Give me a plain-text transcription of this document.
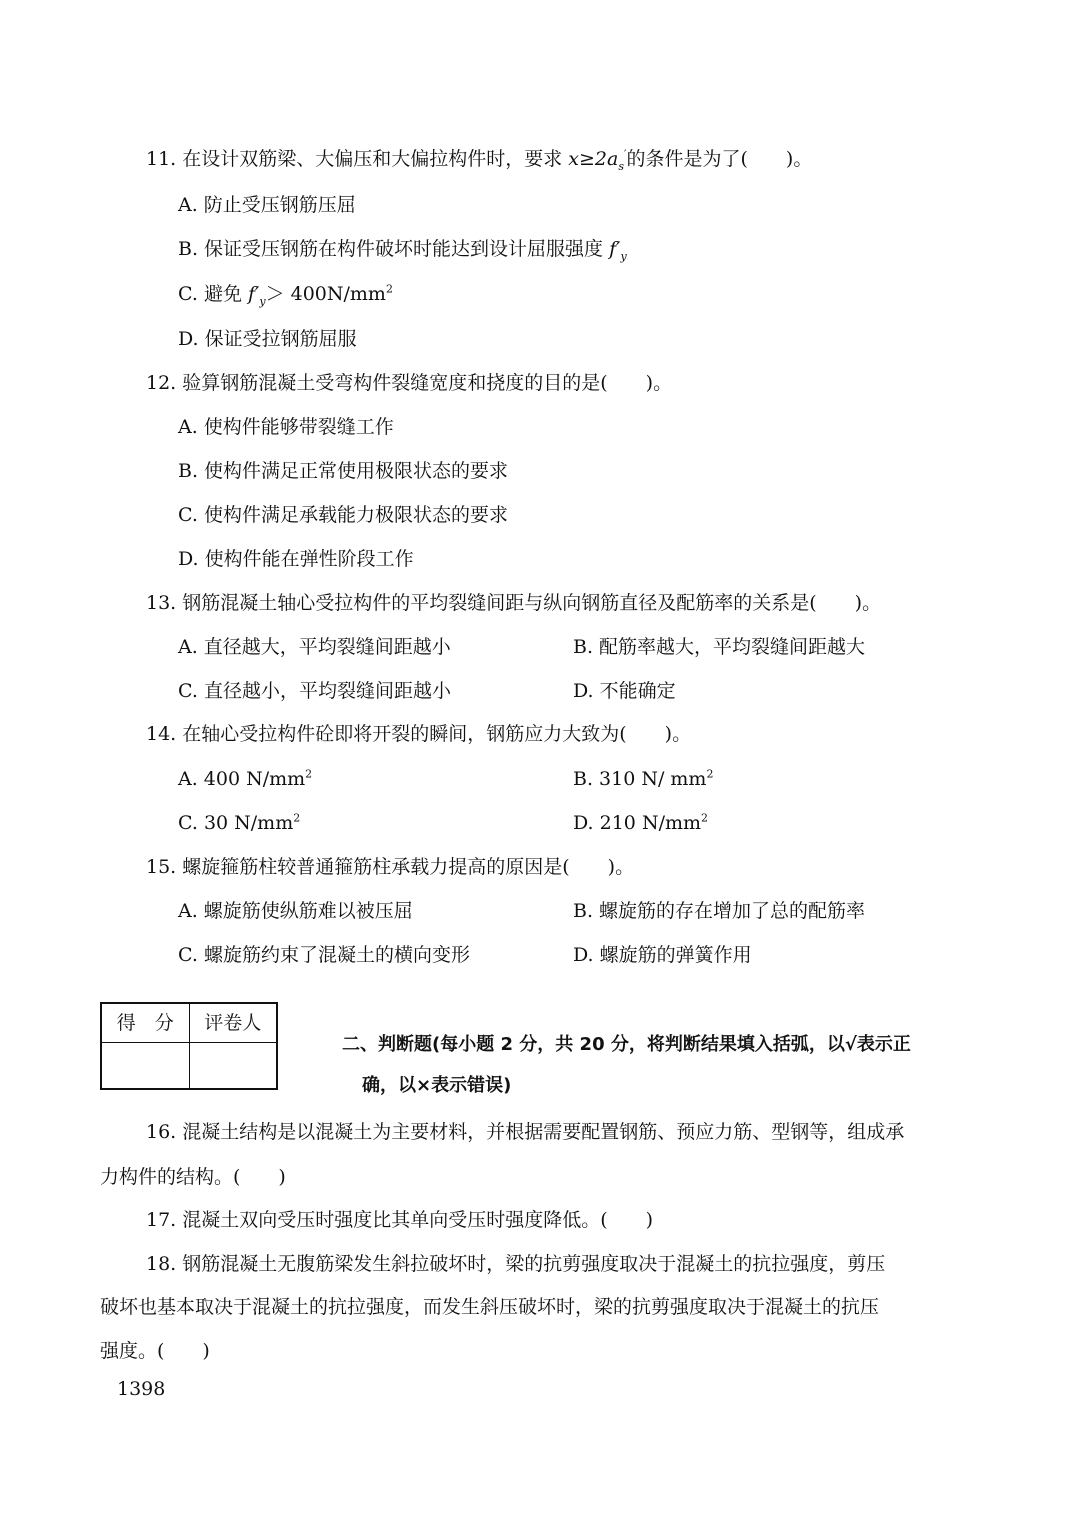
11. 在设计双筋梁、大偏压和大偏拉构件时，要求 $x\ge 2a_s'$的条件是为了(　　)。
A. 防止受压钢筋压屈
B. 保证受压钢筋在构件破坏时能达到设计屈服强度 $f'_y$
C. 避免 $f'_y> 400N/mm^2$
D. 保证受拉钢筋屈服
12. 验算钢筋混凝土受弯构件裂缝宽度和挠度的目的是(　　)。
A. 使构件能够带裂缝工作
B. 使构件满足正常使用极限状态的要求
C. 使构件满足承载能力极限状态的要求
D. 使构件能在弹性阶段工作
13. 钢筋混凝土轴心受拉构件的平均裂缝间距与纵向钢筋直径及配筋率的关系是(　　)。
A. 直径越大，平均裂缝间距越小	B. 配筋率越大，平均裂缝间距越大
C. 直径越小，平均裂缝间距越小	D. 不能确定
14. 在轴心受拉构件砼即将开裂的瞬间，钢筋应力大致为(　　)。
A. 400 $N/mm^2$	B. 310 N/ $mm^2$
C. 30 $N/mm^2$	D. 210 $N/mm^2$
15. 螺旋箍筋柱较普通箍筋柱承载力提高的原因是(　　)。
A. 螺旋筋使纵筋难以被压屈	B. 螺旋筋的存在增加了总的配筋率
C. 螺旋筋约束了混凝土的横向变形	D. 螺旋筋的弹簧作用
得　分	评卷人

二、判断题(每小题 2 分，共 20 分，将判断结果填入括弧，以√表示正
确，以×表示错误)
16. 混凝土结构是以混凝土为主要材料，并根据需要配置钢筋、预应力筋、型钢等，组成承
力构件的结构。(　　)
17. 混凝土双向受压时强度比其单向受压时强度降低。(　　)
18. 钢筋混凝土无腹筋梁发生斜拉破坏时，梁的抗剪强度取决于混凝土的抗拉强度，剪压
破坏也基本取决于混凝土的抗拉强度，而发生斜压破坏时，梁的抗剪强度取决于混凝土的抗压
强度。(　　)
1398
